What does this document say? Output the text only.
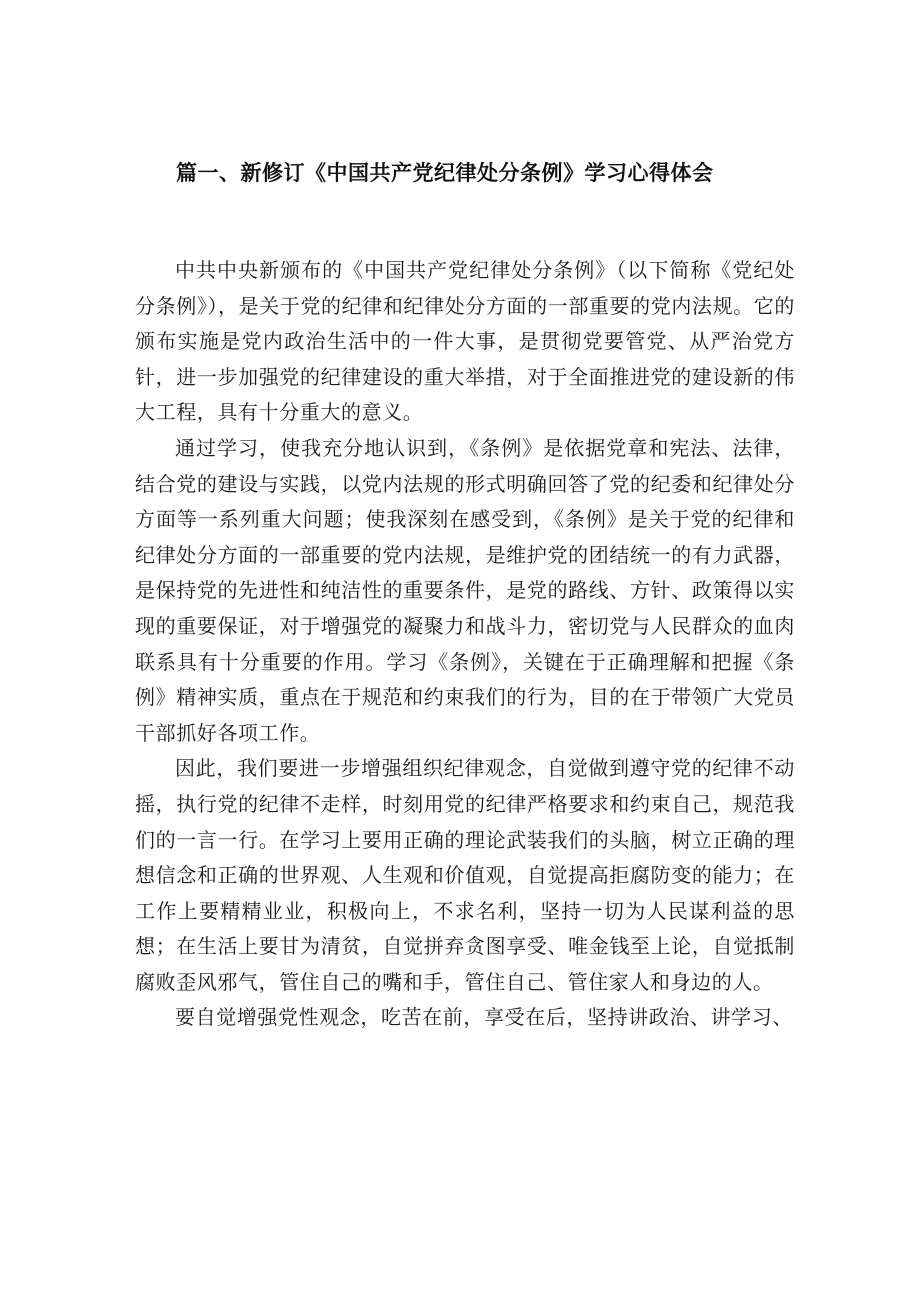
篇一、新修订《中国共产党纪律处分条例》学习心得体会

中共中央新颁布的《中国共产党纪律处分条例》（以下简称《党纪处分条例》），是关于党的纪律和纪律处分方面的一部重要的党内法规。它的颁布实施是党内政治生活中的一件大事，是贯彻党要管党、从严治党方针，进一步加强党的纪律建设的重大举措，对于全面推进党的建设新的伟大工程，具有十分重大的意义。

通过学习，使我充分地认识到，《条例》是依据党章和宪法、法律，结合党的建设与实践，以党内法规的形式明确回答了党的纪委和纪律处分方面等一系列重大问题；使我深刻在感受到，《条例》是关于党的纪律和纪律处分方面的一部重要的党内法规，是维护党的团结统一的有力武器，是保持党的先进性和纯洁性的重要条件，是党的路线、方针、政策得以实现的重要保证，对于增强党的凝聚力和战斗力，密切党与人民群众的血肉联系具有十分重要的作用。学习《条例》，关键在于正确理解和把握《条例》精神实质，重点在于规范和约束我们的行为，目的在于带领广大党员干部抓好各项工作。

因此，我们要进一步增强组织纪律观念，自觉做到遵守党的纪律不动摇，执行党的纪律不走样，时刻用党的纪律严格要求和约束自己，规范我们的一言一行。在学习上要用正确的理论武装我们的头脑，树立正确的理想信念和正确的世界观、人生观和价值观，自觉提高拒腐防变的能力；在工作上要精精业业，积极向上，不求名利，坚持一切为人民谋利益的思想；在生活上要甘为清贫，自觉拼弃贪图享受、唯金钱至上论，自觉抵制腐败歪风邪气，管住自己的嘴和手，管住自己、管住家人和身边的人。

要自觉增强党性观念，吃苦在前，享受在后，坚持讲政治、讲学习、
